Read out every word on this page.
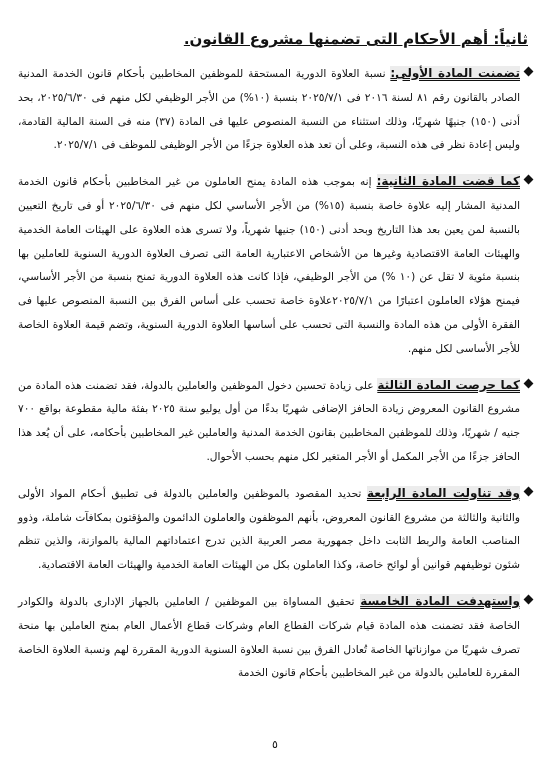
ثانياً: أهم الأحكام التى تضمنها مشروع القانون.

تضمنت المادة الأولى: نسبة العلاوة الدورية المستحقة للموظفين المخاطبين بأحكام قانون الخدمة المدنية الصادر بالقانون رقم ٨١ لسنة ٢٠١٦ فى ٢٠٢٥/٧/١ بنسبة (١٠%) من الأجر الوظيفي لكل منهم فى ٢٠٢٥/٦/٣٠، بحد أدنى (١٥٠) جنيهًا شهريًا، وذلك استثناء من النسبة المنصوص عليها فى المادة (٣٧) منه فى السنة المالية القادمة، وليس إعادة نظر فى هذه النسبة، وعلى أن تعد هذه العلاوة جزءًا من الأجر الوظيفى للموظف فى ٢٠٢٥/٧/١.

كما قضت المادة الثانية: إنه بموجب هذه المادة يمنح العاملون من غير المخاطبين بأحكام قانون الخدمة المدنية المشار إليه علاوة خاصة بنسبة (١٥%) من الأجر الأساسي لكل منهم فى ٢٠٢٥/٦/٣٠ أو فى تاريخ التعيين بالنسبة لمن يعين بعد هذا التاريخ وبحد أدنى (١٥٠) جنيها شهرياً، ولا تسرى هذه العلاوة على الهيئات العامة الخدمية والهيئات العامة الاقتصادية وغيرها من الأشخاص الاعتبارية العامة التى تصرف العلاوة الدورية السنوية للعاملين بها بنسبة مئوية لا تقل عن (١٠ %) من الأجر الوظيفي، فإذا كانت هذه العلاوة الدورية تمنح بنسبة من الأجر الأساسي، فيمنح هؤلاء العاملون اعتبارًا من ٢٠٢٥/٧/١علاوة خاصة تحسب على أساس الفرق بين النسبة المنصوص عليها فى الفقرة الأولى من هذه المادة والنسبة التى تحسب على أساسها العلاوة الدورية السنوية، وتضم قيمة العلاوة الخاصة للأجر الأساسى لكل منهم.

كما حرصت المادة الثالثة على زيادة تحسين دخول الموظفين والعاملين بالدولة، فقد تضمنت هذه المادة من مشروع القانون المعروض زيادة الحافز الإضافى شهريًا بدءًا من أول يوليو سنة ٢٠٢٥ بفئة مالية مقطوعة بواقع ٧٠٠ جنيه / شهريًا، وذلك للموظفين المخاطبين بقانون الخدمة المدنية والعاملين غير المخاطبين بأحكامه، على أن يُعد هذا الحافز جزءًا من الأجر المكمل أو الأجر المتغير لكل منهم بحسب الأحوال.

وقد تناولت المادة الرابعة تحديد المقصود بالموظفين والعاملين بالدولة فى تطبيق أحكام المواد الأولى والثانية والثالثة من مشروع القانون المعروض، بأنهم الموظفون والعاملون الدائمون والمؤقتون بمكافآت شاملة، وذوو المناصب العامة والربط الثابت داخل جمهورية مصر العربية الذين تدرج اعتماداتهم المالية بالموازنة، والذين تنظم شئون توظيفهم قوانين أو لوائح خاصة، وكذا العاملون بكل من الهيئات العامة الخدمية والهيئات العامة الاقتصادية.

واستهدفت المادة الخامسة تحقيق المساواة بين الموظفين / العاملين بالجهاز الإدارى بالدولة والكوادر الخاصة فقد تضمنت هذه المادة قيام شركات القطاع العام وشركات قطاع الأعمال العام بمنح العاملين بها منحة تصرف شهريًا من موازناتها الخاصة تُعادل الفرق بين نسبة العلاوة السنوية الدورية المقررة لهم ونسبة العلاوة الخاصة المقررة للعاملين بالدولة من غير المخاطبين بأحكام قانون الخدمة

٥
